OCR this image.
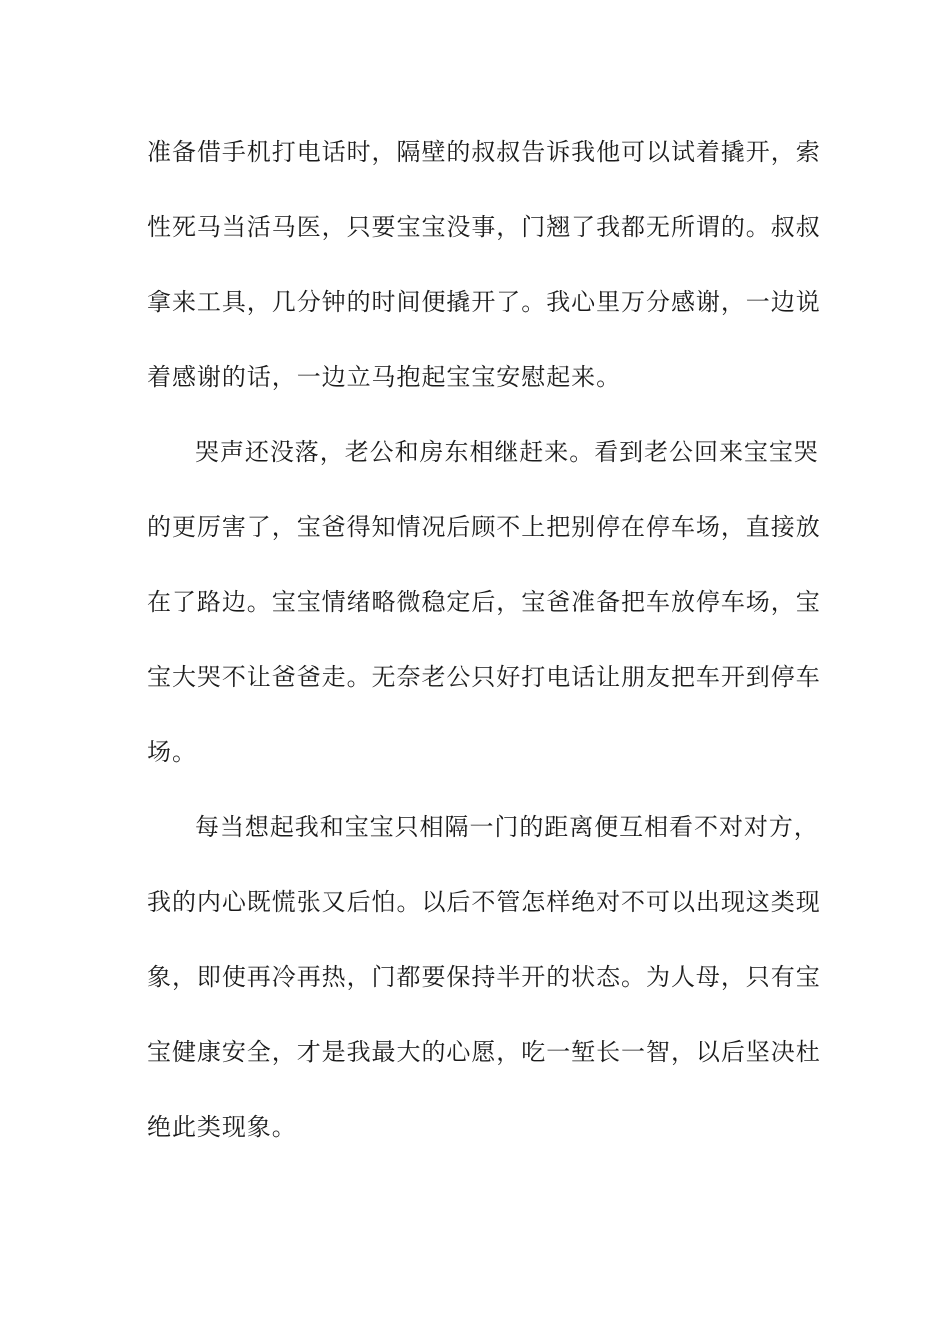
准备借手机打电话时，隔壁的叔叔告诉我他可以试着撬开，索
性死马当活马医，只要宝宝没事，门翘了我都无所谓的。叔叔
拿来工具，几分钟的时间便撬开了。我心里万分感谢，一边说
着感谢的话，一边立马抱起宝宝安慰起来。
哭声还没落，老公和房东相继赶来。看到老公回来宝宝哭
的更厉害了，宝爸得知情况后顾不上把别停在停车场，直接放
在了路边。宝宝情绪略微稳定后，宝爸准备把车放停车场，宝
宝大哭不让爸爸走。无奈老公只好打电话让朋友把车开到停车
场。
每当想起我和宝宝只相隔一门的距离便互相看不对对方，
我的内心既慌张又后怕。以后不管怎样绝对不可以出现这类现
象，即使再冷再热，门都要保持半开的状态。为人母，只有宝
宝健康安全，才是我最大的心愿，吃一堑长一智，以后坚决杜
绝此类现象。
